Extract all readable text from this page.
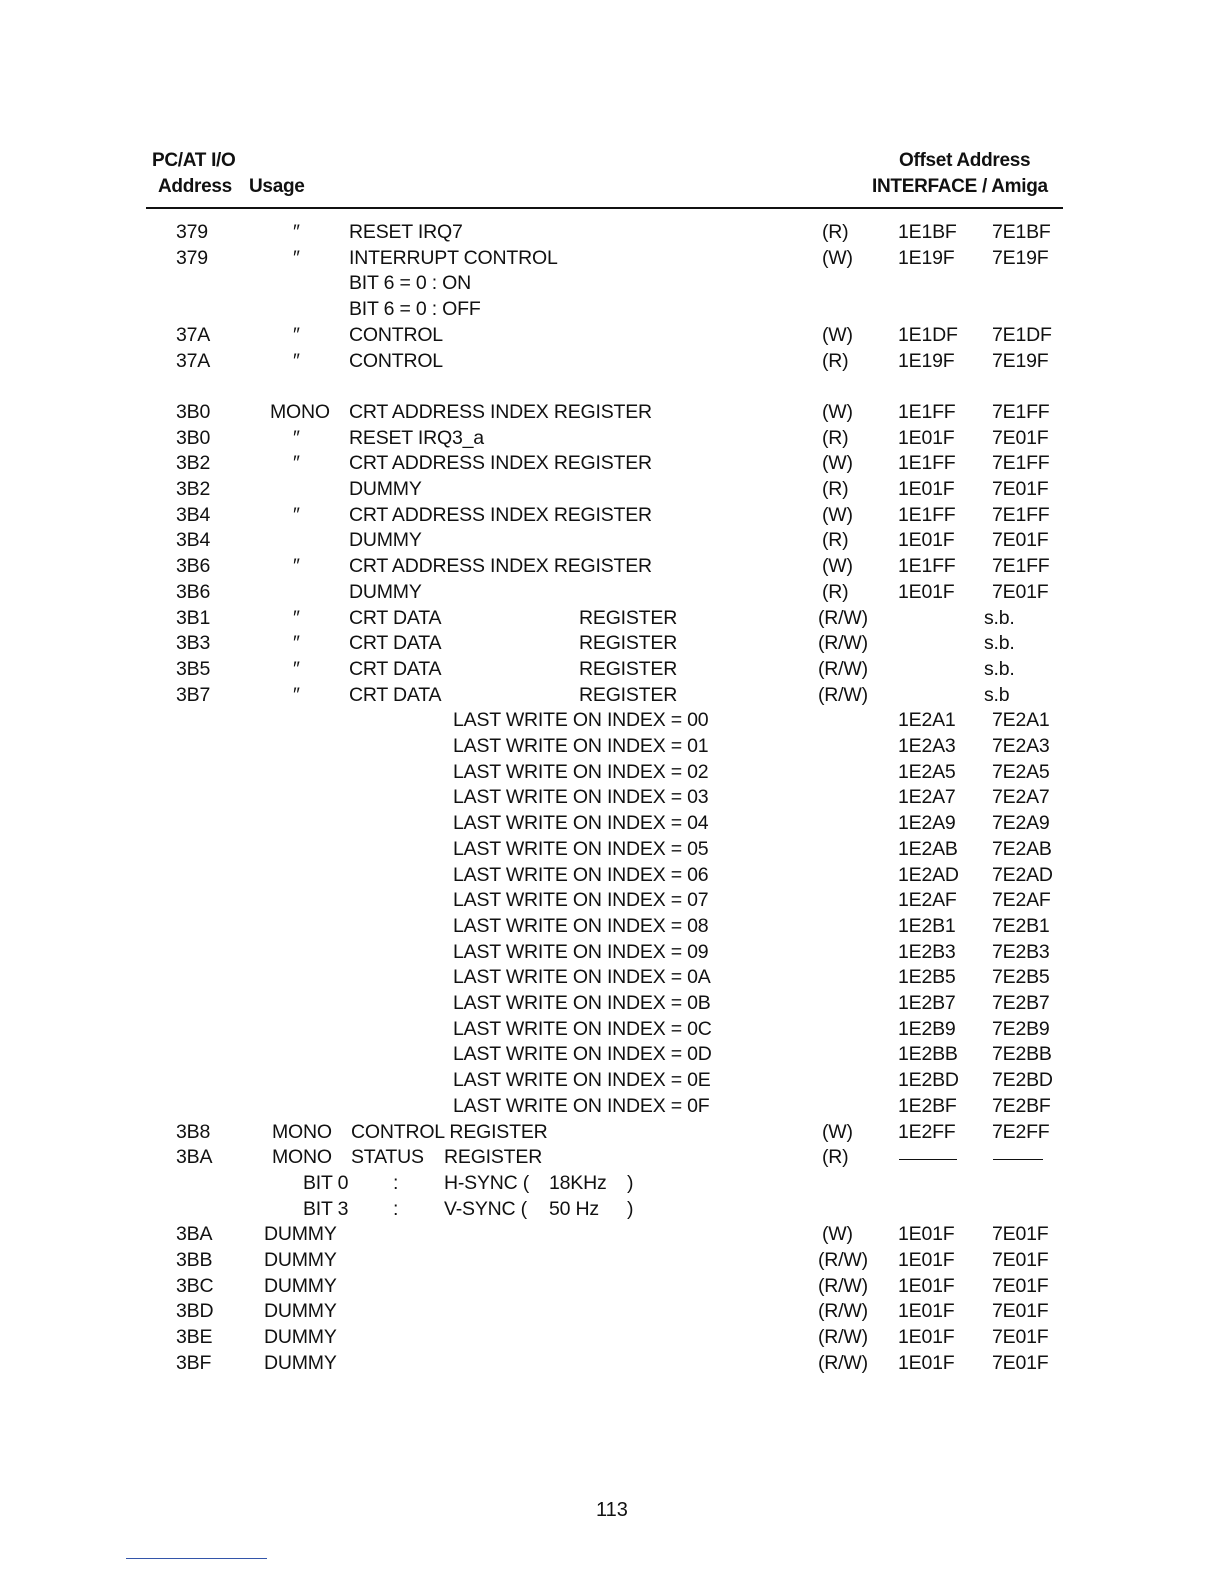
PC/AT I/O
Address Usage
Offset Address
INTERFACE / Amiga
379	″	RESET IRQ7	(R)	1E1BF 7E1BF
379	″	INTERRUPT CONTROL	(W) 1E19F 7E19F
BIT 6 = 0 : ON
BIT 6 = 0 : OFF
37A	″	CONTROL	(W) 1E1DF 7E1DF
37A	″	CONTROL	(R)	1E19F 7E19F
3B0	MONO CRT ADDRESS INDEX REGISTER	(W) 1E1FF 7E1FF
3B0	″	RESET IRQ3_a	(R)	1E01F 7E01F
3B2	″	CRT ADDRESS INDEX REGISTER	(W) 1E1FF 7E1FF
3B2	DUMMY	(R)	1E01F 7E01F
3B4	″	CRT ADDRESS INDEX REGISTER	(W) 1E1FF 7E1FF
3B4	DUMMY	(R)	1E01F 7E01F
3B6	″	CRT ADDRESS INDEX REGISTER	(W) 1E1FF 7E1FF
3B6	DUMMY	(R)	1E01F 7E01F
3B1	″	CRT DATA	REGISTER	(R/W)	s.b.
3B3	″	CRT DATA	REGISTER	(R/W)	s.b.
3B5	″	CRT DATA	REGISTER	(R/W)	s.b.
3B7	″	CRT DATA	REGISTER	(R/W)	s.b
LAST WRITE ON INDEX = 00	1E2A1 7E2A1
LAST WRITE ON INDEX = 01	1E2A3 7E2A3
LAST WRITE ON INDEX = 02	1E2A5 7E2A5
LAST WRITE ON INDEX = 03	1E2A7 7E2A7
LAST WRITE ON INDEX = 04	1E2A9 7E2A9
LAST WRITE ON INDEX = 05	1E2AB 7E2AB
LAST WRITE ON INDEX = 06	1E2AD 7E2AD
LAST WRITE ON INDEX = 07	1E2AF 7E2AF
LAST WRITE ON INDEX = 08	1E2B1 7E2B1
LAST WRITE ON INDEX = 09	1E2B3 7E2B3
LAST WRITE ON INDEX = 0A	1E2B5 7E2B5
LAST WRITE ON INDEX = 0B	1E2B7 7E2B7
LAST WRITE ON INDEX = 0C	1E2B9 7E2B9
LAST WRITE ON INDEX = 0D	1E2BB 7E2BB
LAST WRITE ON INDEX = 0E	1E2BD 7E2BD
LAST WRITE ON INDEX = 0F	1E2BF 7E2BF
3B8	MONO CONTROL REGISTER	(W) 1E2FF 7E2FF
3BA	MONO STATUS REGISTER	(R)
BIT 0 : H-SYNC ( 18KHz )
BIT 3 : V-SYNC ( 50 Hz )
3BA	DUMMY	(W) 1E01F 7E01F
3BB	DUMMY	(R/W) 1E01F 7E01F
3BC	DUMMY	(R/W) 1E01F 7E01F
3BD	DUMMY	(R/W) 1E01F 7E01F
3BE	DUMMY	(R/W) 1E01F 7E01F
3BF	DUMMY	(R/W) 1E01F 7E01F
113
